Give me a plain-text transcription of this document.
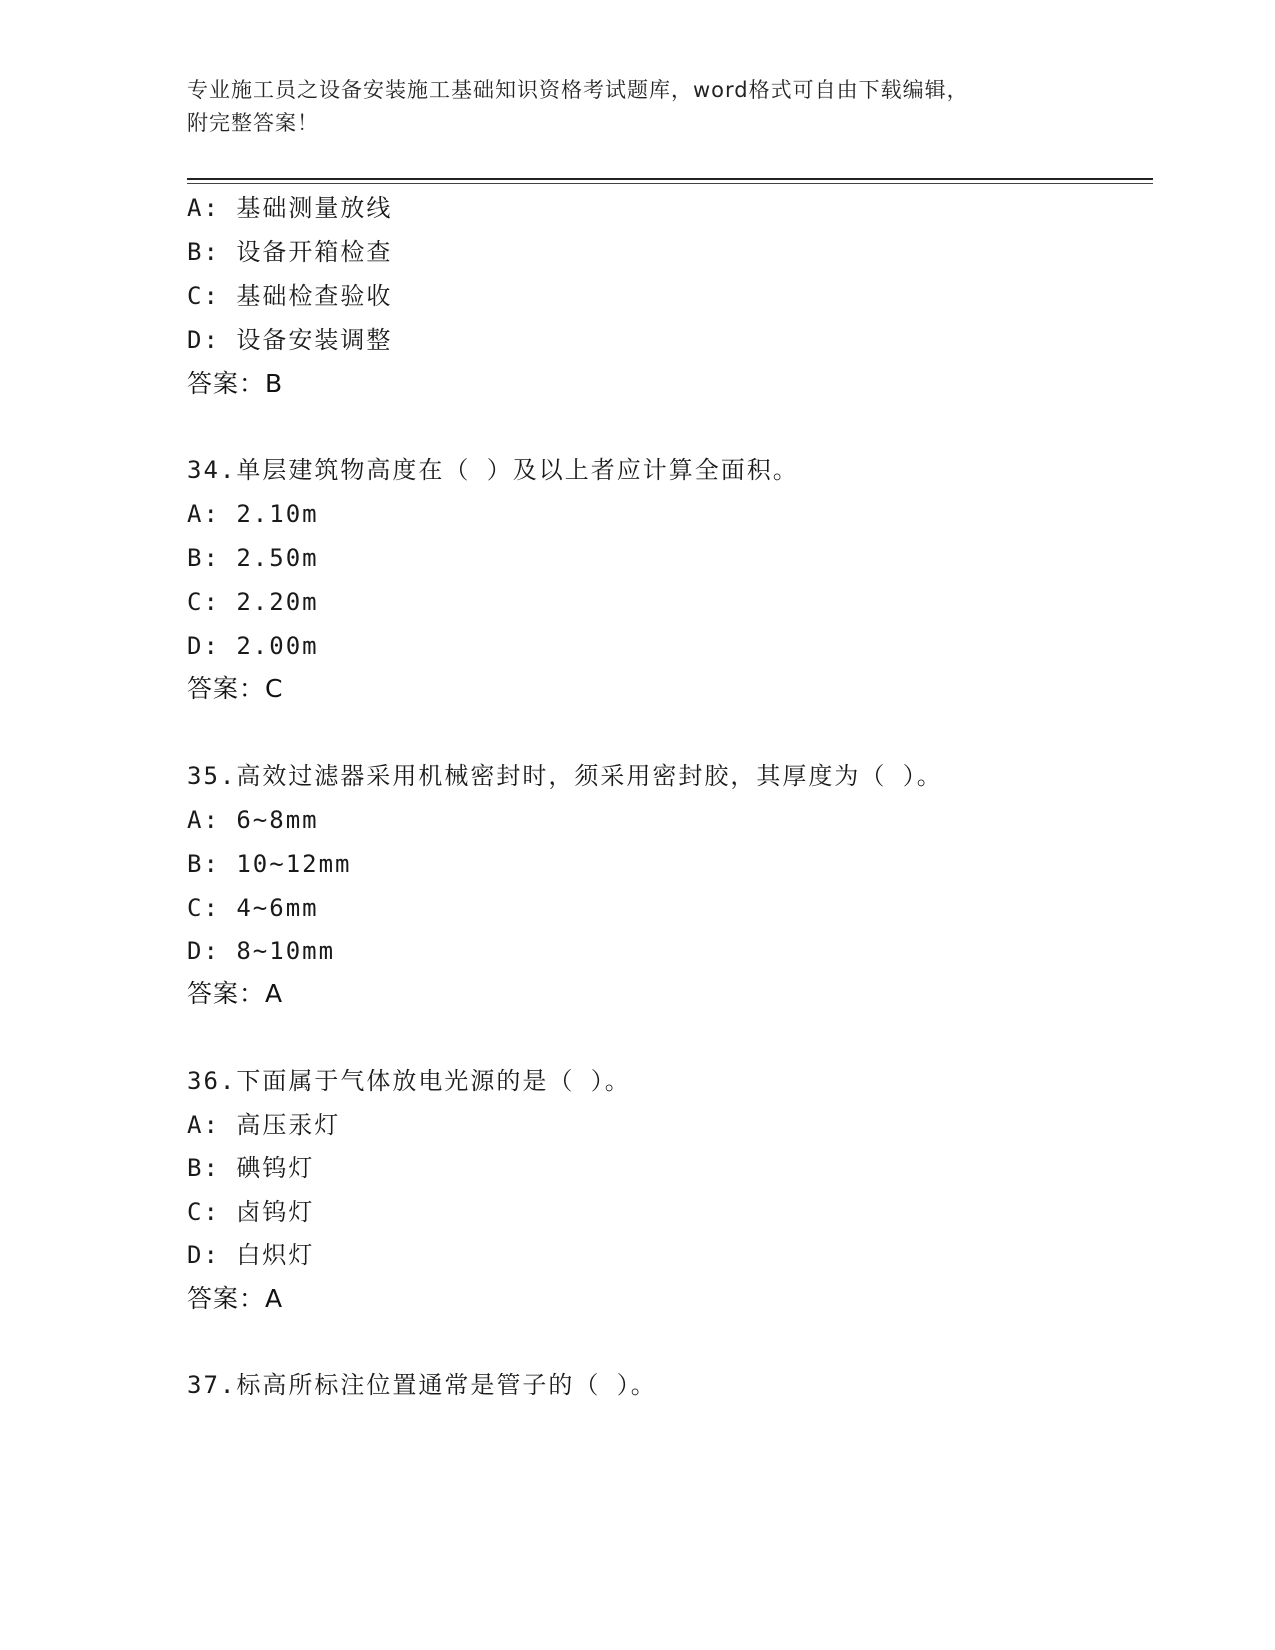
专业施工员之设备安装施工基础知识资格考试题库，word格式可自由下载编辑，
附完整答案！
A: 基础测量放线
B: 设备开箱检查
C: 基础检查验收
D: 设备安装调整
答案：B
34.单层建筑物高度在（ ）及以上者应计算全面积。
A: 2.10m
B: 2.50m
C: 2.20m
D: 2.00m
答案：C
35.高效过滤器采用机械密封时，须采用密封胶，其厚度为（ ）。
A: 6~8mm
B: 10~12mm
C: 4~6mm
D: 8~10mm
答案：A
36.下面属于气体放电光源的是（ ）。
A: 高压汞灯
B: 碘钨灯
C: 卤钨灯
D: 白炽灯
答案：A
37.标高所标注位置通常是管子的（ ）。
